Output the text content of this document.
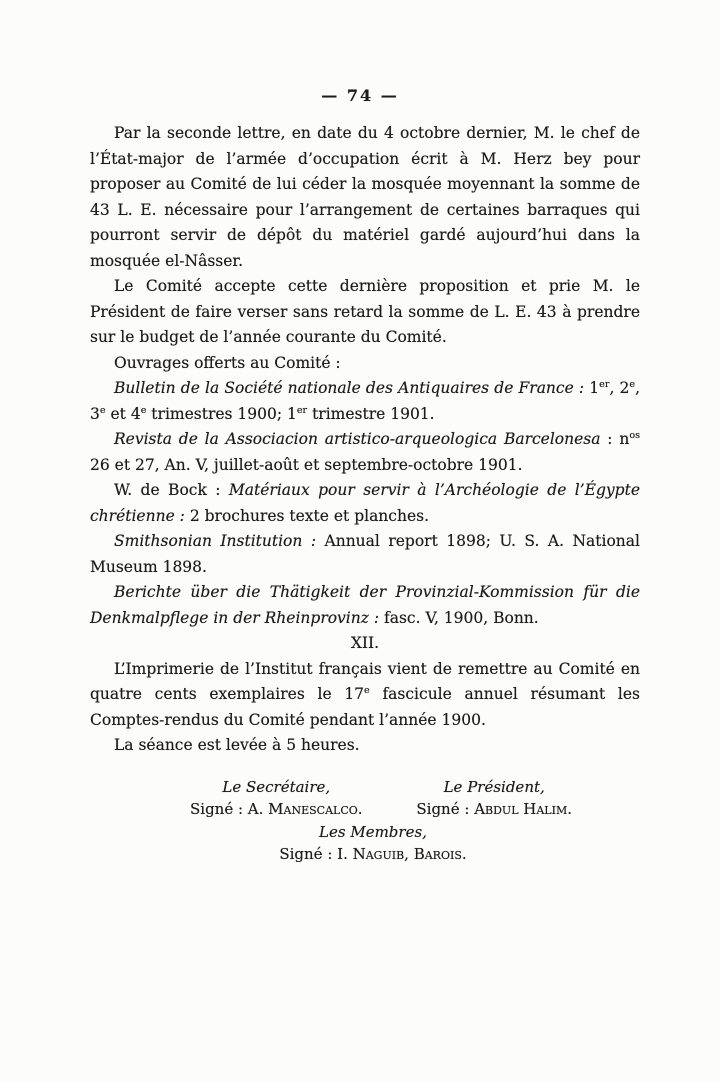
— 74 —

Par la seconde lettre, en date du 4 octobre dernier, M. le chef de l’État-major de l’armée d’occupation écrit à M. Herz bey pour proposer au Comité de lui céder la mosquée moyennant la somme de 43 L. E. nécessaire pour l’arrangement de certaines barraques qui pourront servir de dépôt du matériel gardé aujourd’hui dans la mosquée el-Nâsser.

Le Comité accepte cette dernière proposition et prie M. le Président de faire verser sans retard la somme de L. E. 43 à prendre sur le budget de l’année courante du Comité.

Ouvrages offerts au Comité :

Bulletin de la Société nationale des Antiquaires de France : 1er, 2e, 3e et 4e trimestres 1900; 1er trimestre 1901.

Revista de la Associacion artistico-arqueologica Barcelonesa : $n^{os}$ 26 et 27, An. V, juillet-août et septembre-octobre 1901.

W. de Bock : Matériaux pour servir à l’Archéologie de l’Égypte chrétienne : 2 brochures texte et planches.

Smithsonian Institution : Annual report 1898; U. S. A. National Museum 1898.

Berichte über die Thätigkeit der Provinzial-Kommission für die Denkmalpflege in der Rheinprovinz : fasc. V, 1900, Bonn.

XII.

L’Imprimerie de l’Institut français vient de remettre au Comité en quatre cents exemplaires le 17e fascicule annuel résumant les Comptes-rendus du Comité pendant l’année 1900.

La séance est levée à 5 heures.

Le Secrétaire,
Signé : A. Manescalco.
Le Président,
Signé : Abdul Halim.
Les Membres,
Signé : I. Naguib, Barois.
